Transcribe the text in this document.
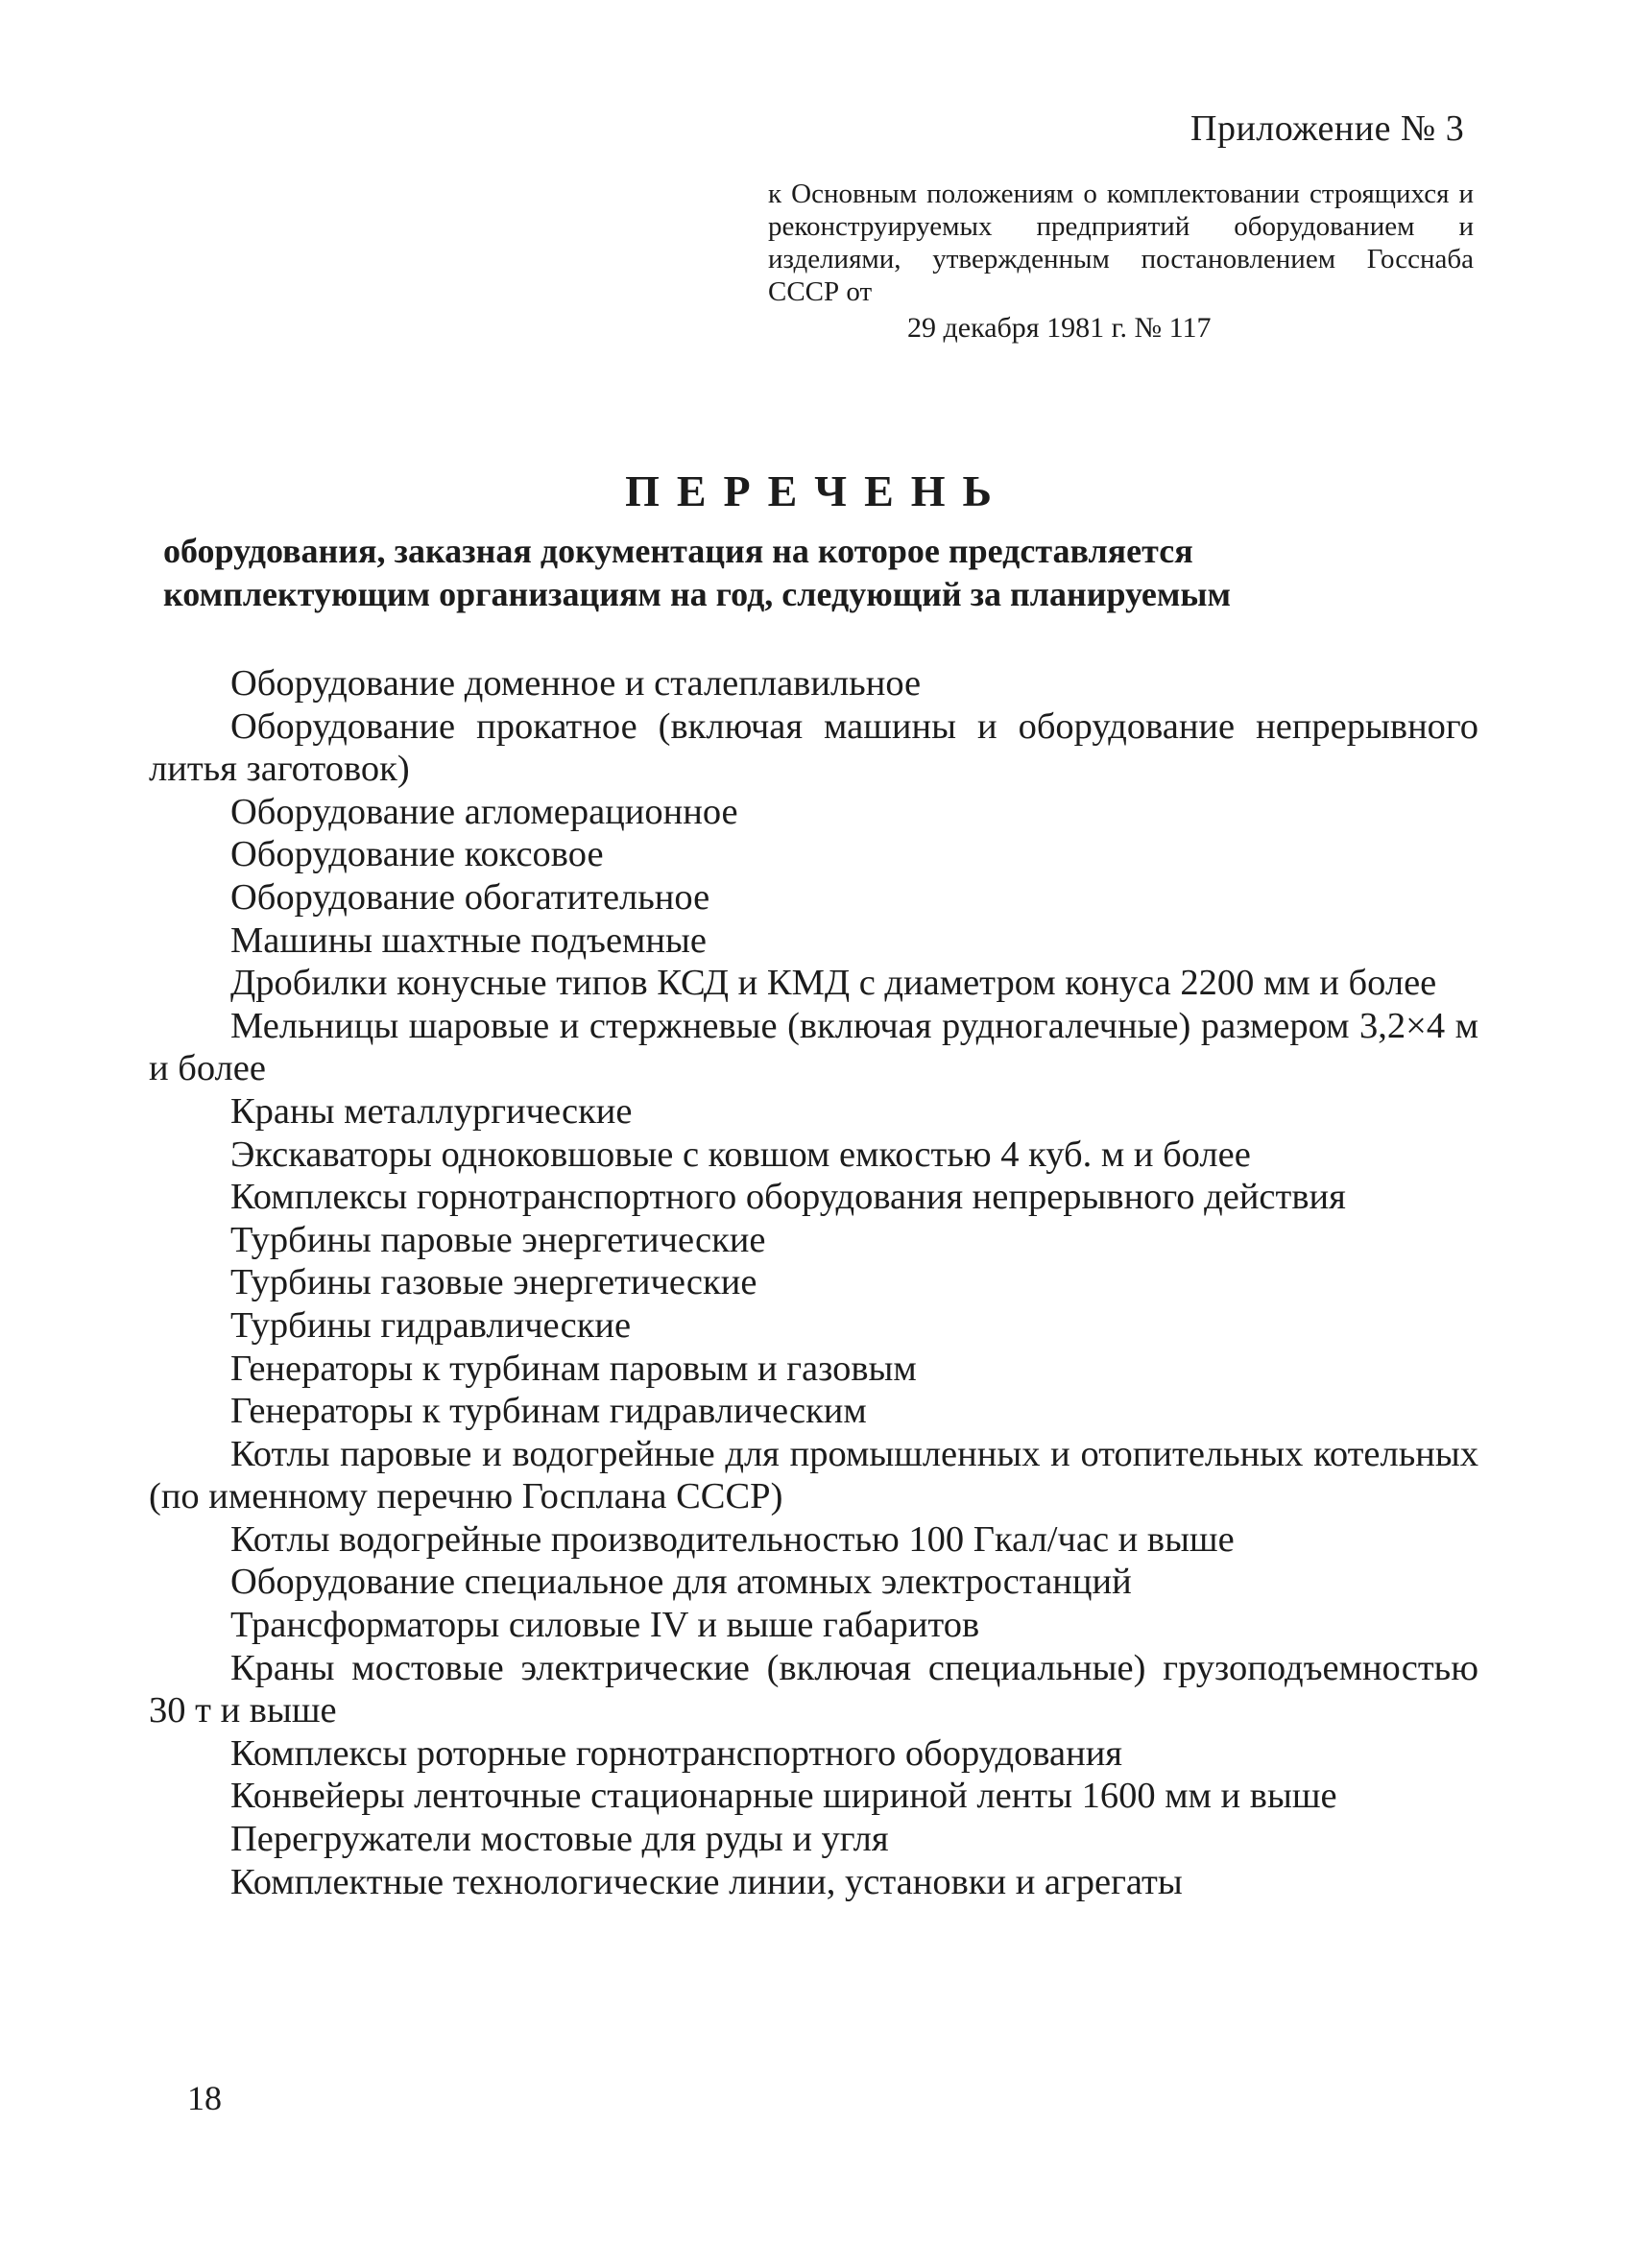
Приложение № 3
к Основным положениям о комплектовании строящихся и реконструируемых предприятий оборудованием и изделиями, утвержденным постановлением Госснаба СССР от
29 декабря 1981 г. № 117
ПЕРЕЧЕНЬ
оборудования, заказная документация на которое представляется
комплектующим организациям на год, следующий за планируемым
Оборудование доменное и сталеплавильное
Оборудование прокатное (включая машины и оборудование непрерывного литья заготовок)
Оборудование агломерационное
Оборудование коксовое
Оборудование обогатительное
Машины шахтные подъемные
Дробилки конусные типов КСД и КМД с диаметром конуса 2200 мм и более
Мельницы шаровые и стержневые (включая рудногалечные) размером 3,2×4 м и более
Краны металлургические
Экскаваторы одноковшовые с ковшом емкостью 4 куб. м и более
Комплексы горнотранспортного оборудования непрерывного действия
Турбины паровые энергетические
Турбины газовые энергетические
Турбины гидравлические
Генераторы к турбинам паровым и газовым
Генераторы к турбинам гидравлическим
Котлы паровые и водогрейные для промышленных и отопительных котельных (по именному перечню Госплана СССР)
Котлы водогрейные производительностью 100 Гкал/час и выше
Оборудование специальное для атомных электростанций
Трансформаторы силовые IV и выше габаритов
Краны мостовые электрические (включая специальные) грузоподъемностью 30 т и выше
Комплексы роторные горнотранспортного оборудования
Конвейеры ленточные стационарные шириной ленты 1600 мм и выше
Перегружатели мостовые для руды и угля
Комплектные технологические линии, установки и агрегаты
18
